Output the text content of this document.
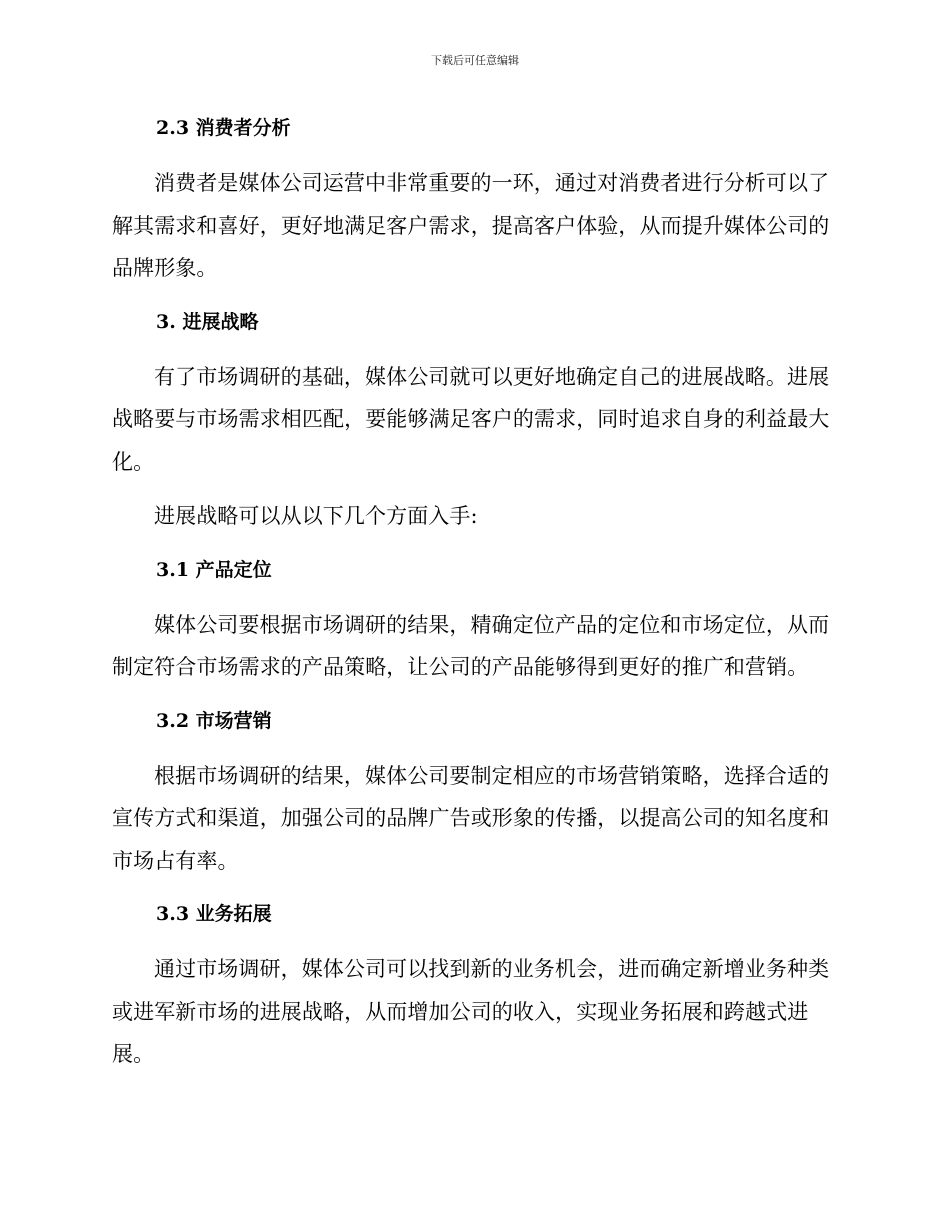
下载后可任意编辑
2.3 消费者分析

消费者是媒体公司运营中非常重要的一环，通过对消费者进行分析可以了解其需求和喜好，更好地满足客户需求，提高客户体验，从而提升媒体公司的品牌形象。

3. 进展战略

有了市场调研的基础，媒体公司就可以更好地确定自己的进展战略。进展战略要与市场需求相匹配，要能够满足客户的需求，同时追求自身的利益最大化。

进展战略可以从以下几个方面入手:

3.1 产品定位

媒体公司要根据市场调研的结果，精确定位产品的定位和市场定位，从而制定符合市场需求的产品策略，让公司的产品能够得到更好的推广和营销。

3.2 市场营销

根据市场调研的结果，媒体公司要制定相应的市场营销策略，选择合适的宣传方式和渠道，加强公司的品牌广告或形象的传播，以提高公司的知名度和市场占有率。

3.3 业务拓展

通过市场调研，媒体公司可以找到新的业务机会，进而确定新增业务种类或进军新市场的进展战略，从而增加公司的收入，实现业务拓展和跨越式进展。
